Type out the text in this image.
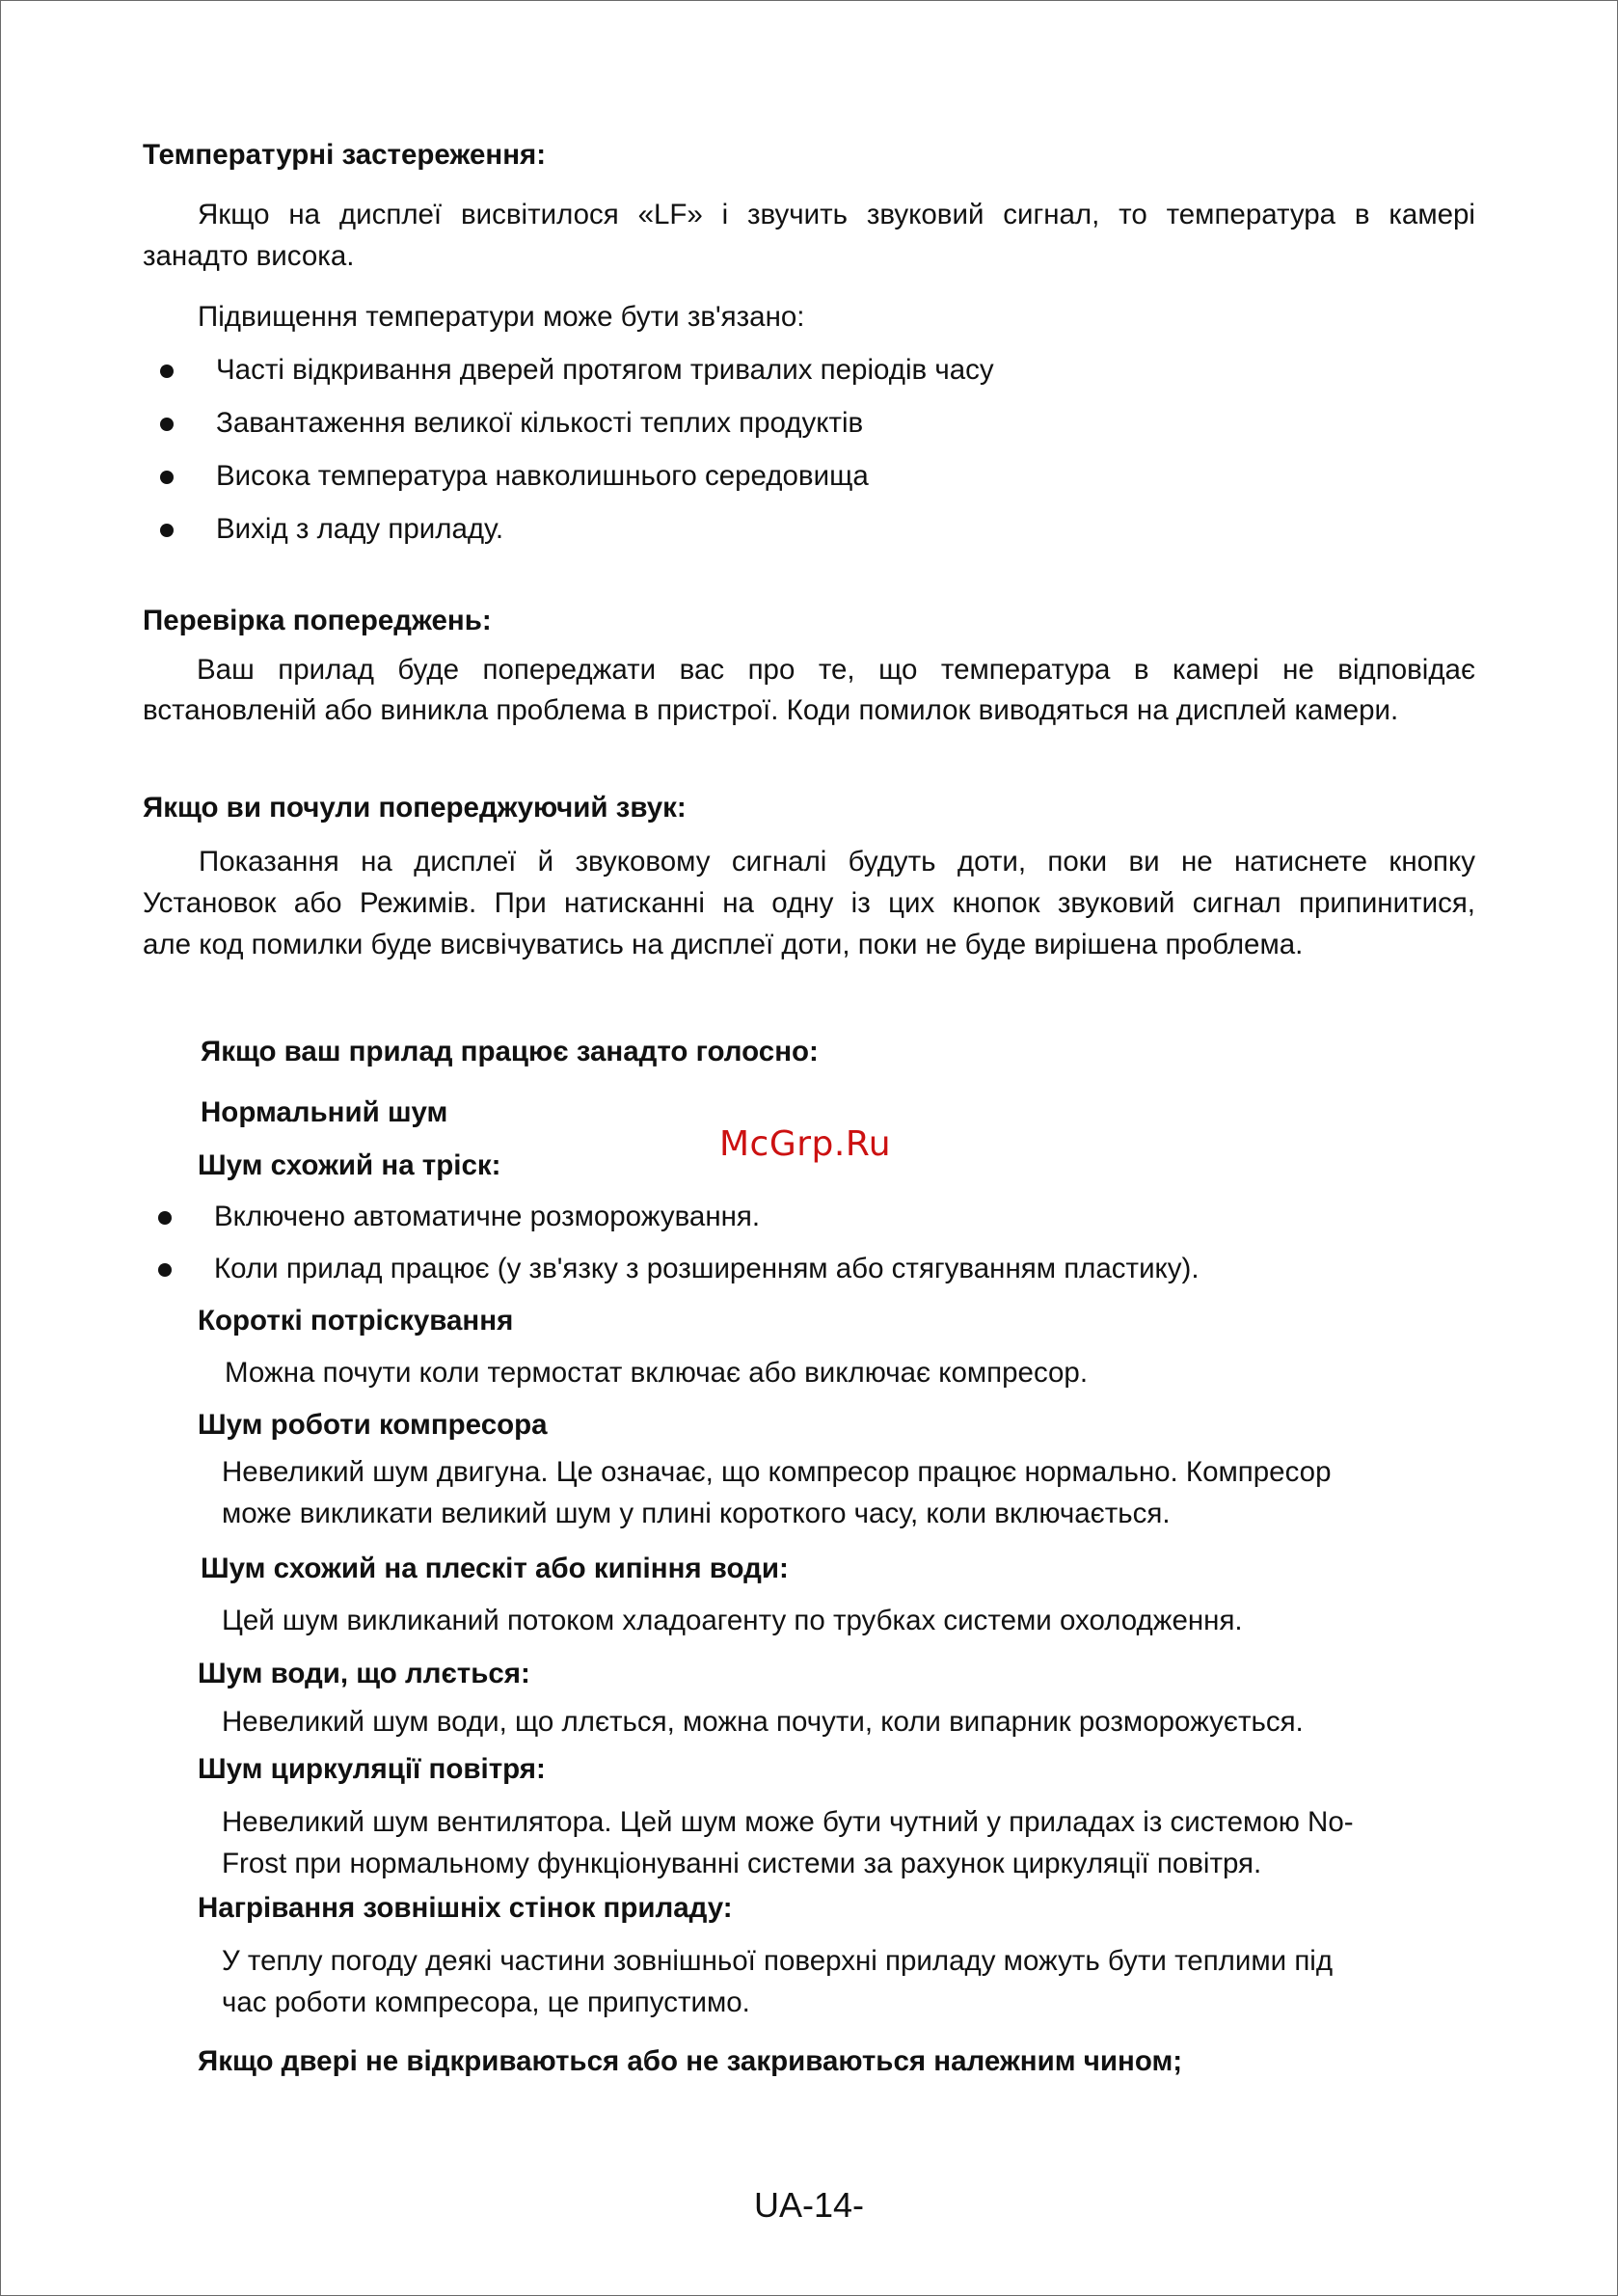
Температурні застереження:

Якщо на дисплеї висвітилося «LF» і звучить звуковий сигнал, то температура в камері

занадто висока.

Підвищення температури може бути зв'язано:

Часті відкривання дверей протягом тривалих періодів часу

Завантаження великої кількості теплих продуктів

Висока температура навколишнього середовища

Вихід з ладу приладу.

Перевірка попереджень:

Ваш прилад буде попереджати вас про те, що температура в камері не відповідає

встановленій або виникла проблема в пристрої. Коди помилок виводяться на дисплей камери.

Якщо ви почули попереджуючий звук:

Показання на дисплеї й звуковому сигналі будуть доти, поки ви не натиснете кнопку

Установок або Режимів. При натисканні на одну із цих кнопок звуковий сигнал припинитися,

але код помилки буде висвічуватись на дисплеї доти, поки не буде вирішена проблема.

Якщо ваш прилад працює занадто голосно:

Нормальний шум

Шум схожий на тріск:

Включено автоматичне розморожування.

Коли прилад працює (у зв'язку з розширенням або стягуванням пластику).

Короткі потріскування

Можна почути коли термостат включає або виключає компресор.

Шум роботи компресора

Невеликий шум двигуна. Це означає, що компресор працює нормально. Компресор

може викликати великий шум у плині короткого часу, коли включається.

Шум схожий на плескіт або кипіння води:

Цей шум викликаний потоком хладоагенту по трубках системи охолодження.

Шум води, що ллється:

Невеликий шум води, що ллється, можна почути, коли випарник розморожується.

Шум циркуляції повітря:

Невеликий шум вентилятора. Цей шум може бути чутний у приладах із системою No-

Frost при нормальному функціонуванні системи за рахунок циркуляції повітря.

Нагрівання зовнішніх стінок приладу:

У теплу погоду деякі частини зовнішньої поверхні приладу можуть бути теплими під

час роботи компресора, це припустимо.

Якщо двері не відкриваються або не закриваються належним чином;

McGrp.Ru
UA-14-
